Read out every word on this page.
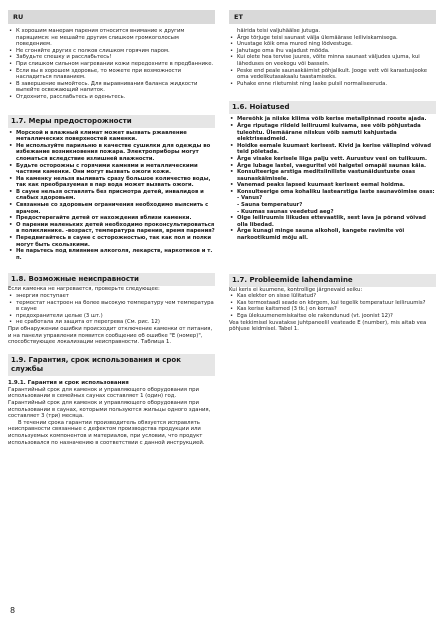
RU	ET
• К хорошим манерам парения относится внимание к другим парящимся: не мешайте другим слишком громкоголосым поведением.
• Не сгоняйте других с полков слишком горячим паром.
• Забудьте спешку и расслабьтесь!
• При слишком сильном нагревании кожи передохните в предбаннике.
• Если вы в хорошем здоровье, то можете при возможности насладиться плаванием.
• В завершение вымойтесь. Для выравнивания баланса жидкости выпейте освежающий напиток.
• Отдохните, расслабьтесь и оденьтесь.
1.7. Меры предосторожности
• Морской и влажный климат может вызвать ржавление металлических поверхностей каменки.
• Не используйте парильню в качестве сушилки для одежды во избежание возникновения пожара. Электроприборы могут сломаться вследствие излишней влажности.
• Будьте осторожны с горячими камнями и металлическими частями каменки. Они могут вызвать ожоги кожи.
• На каменку нельзя выливать сразу большое количество воды, так как преобразуемая в пар вода может вызвать ожоги.
• В сауне нельзя оставлять без присмотра детей, инвалидов и слабых здоровьем.
• Связанные со здоровьем ограничения необходимо выяснить с врачом.
• Предостерегайте детей от нахождения вблизи каменки.
• О парении маленьких детей необходимо проконсультироваться в поликлинике. -возраст, температура парения, время парения?
• Передвигайтесь в сауне с осторожностью, так как пол и полки могут быть скользкими.
• Не парьтесь под влиянием алкоголя, лекарств, наркотиков и т. п.
1.8. Возможные неисправности

Если каменка не нагревается, проверьте следующее:

• энергия поступает
• термостат настроен на более высокую температуру чем температура в сауне
• предохранители целые (3 шт.)
• не сработала ли защита от перегрева (См. рис. 12)

При обнаружении ошибки происходит отключение каменки от питания, и на панели управления появится сообщение об ошибке "E (номер)", способствующее локализации неисправности. Таблица 1.

1.9. Гарантия, срок использования и срок службы
1.9.1. Гарантия и срок использования

Гарантийный срок для каменок и управляющего оборудования при использовании в семейных саунах составляет 1 (один) год. Гарантийный срок для каменок и управляющего оборудования при использовании в саунах, которыми пользуются жильцы одного здания, составляет 3 (три) месяца.

В течении срока гарантии производитель обязуется исправлять неисправности связанные с дефектом производства продукции или используемых компонентов и материалов, при условии, что продукт использовался по назначению в соответствии с данной инструкцией.

häirida teisi valjuhäälse jutuga.
• Ärge tõrjuge teisi saunast välja ülemäärase leiliviskamisega.
• Unustage kõik oma mured ning lõdvestuge.
• Jahutage oma ihu vajadust mööda.
• Kui olete hea tervise juures, võite minna saunast väljudes ujuma, kui läheduses on veekogu või bassein.
• Peske end peale saunaskäimist põhjalikult. Jooge vett või karastusjooke oma vedelikutasakaalu taastamiseks.
• Puhake enne riietumist ning laske pulsil normaliseeruda.
1.6. Hoiatused
• Mereõhk ja niiske kliima võib kerise metallpinnad rooste ajada.
• Ärge riputage riideid leiliruumi kuivama, see võib põhjustada tuleohtu. Ülemäärane niiskus võib samuti kahjustada elektriseadmeid.
• Hoidke eemale kuumast kerisest. Kivid ja kerise välispind võivad teid põletada.
• Ärge visake kerisele liiga palju vett. Aurustuv vesi on tulikuum.
• Ärge lubage lastel, vaeguritel või haigetel omapäi saunas käia.
• Konsulteerige arstiga meditsiiniliste vastunäidustuste osas saunaskäimisele.
• Vanemad peaks lapsed kuumast kerisest eemal hoidma.
• Konsulteerige oma kohaliku lastearstiga laste saunavõimise osas:
- Vanus?
- Sauna temperatuur?
- Kuumas saunas veedetud aeg?
• Olge leiliruumis liikudes ettevaatlik, sest lava ja põrand võivad olla libedad.
• Ärge kunagi minge sauna alkoholi, kangete ravimite või narkootikumid mõju all.
1.7. Probleemide lahendamine

Kui keris ei kuumene, kontrollige järgnevaid seiku:

• Kas elekter on sisse lülitatud?
• Kas termostaadi seade on kõrgem, kui tegelik temperatuur leiliruumis?
• Kas kerise kaitsmed (3 tk.) on korras?
• Ega ülekuumenemiskaitse ole rakendunud (vt. joonist 12)?

Vea tekkimisel kuvatakse juhtpaneelil veateade E (number), mis aitab vea põhjuse leidmisel. Tabel 1.

8
